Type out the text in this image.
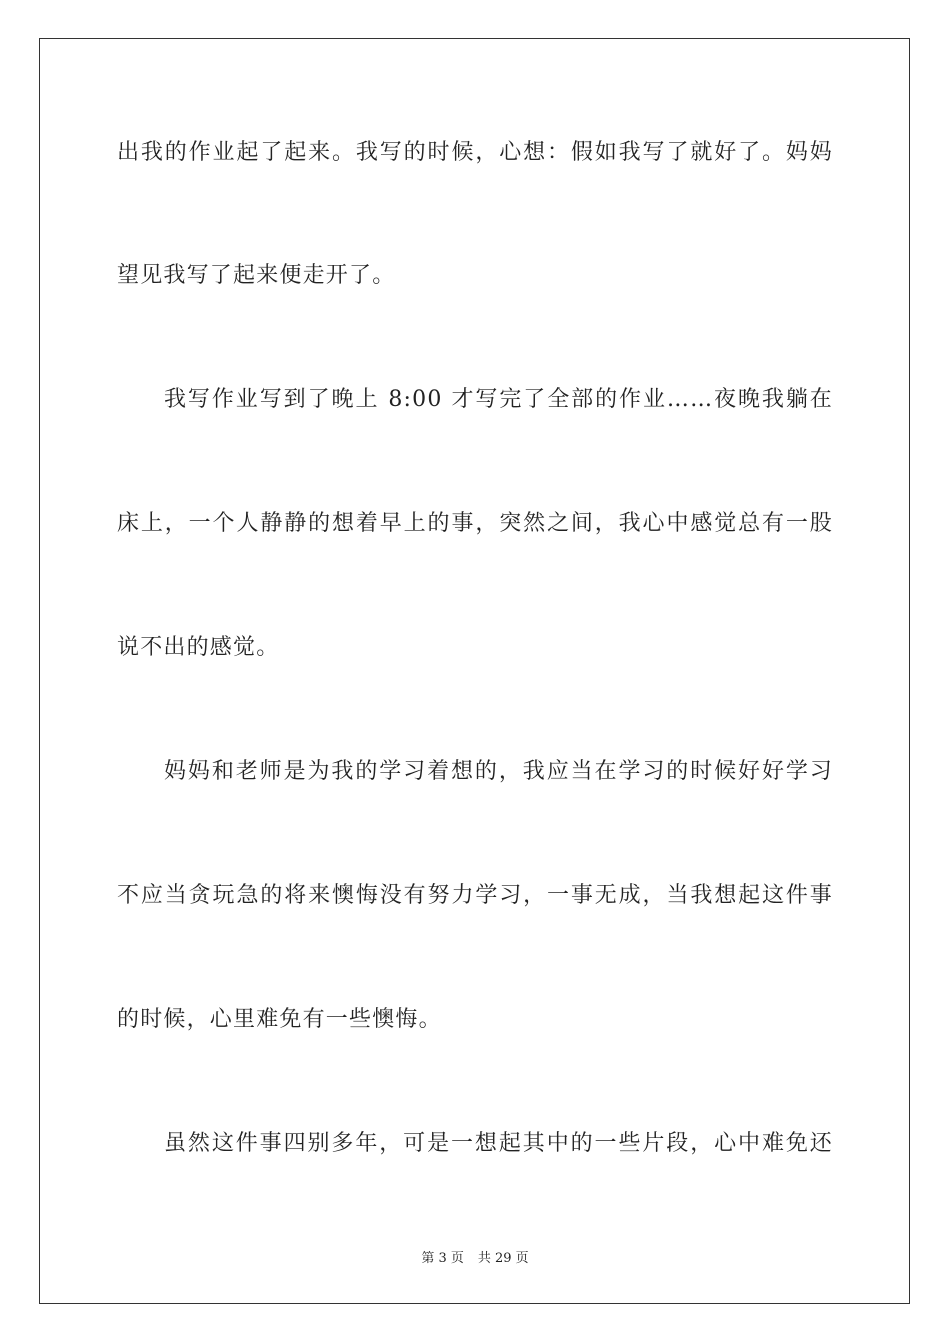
出我的作业起了起来。我写的时候，心想：假如我写了就好了。妈妈
望见我写了起来便走开了。
我写作业写到了晚上 8:00 才写完了全部的作业……夜晚我躺在
床上，一个人静静的想着早上的事，突然之间，我心中感觉总有一股
说不出的感觉。
妈妈和老师是为我的学习着想的，我应当在学习的时候好好学习
不应当贪玩急的将来懊悔没有努力学习，一事无成，当我想起这件事
的时候，心里难免有一些懊悔。
虽然这件事四别多年，可是一想起其中的一些片段，心中难免还
第 3 页 共 29 页
